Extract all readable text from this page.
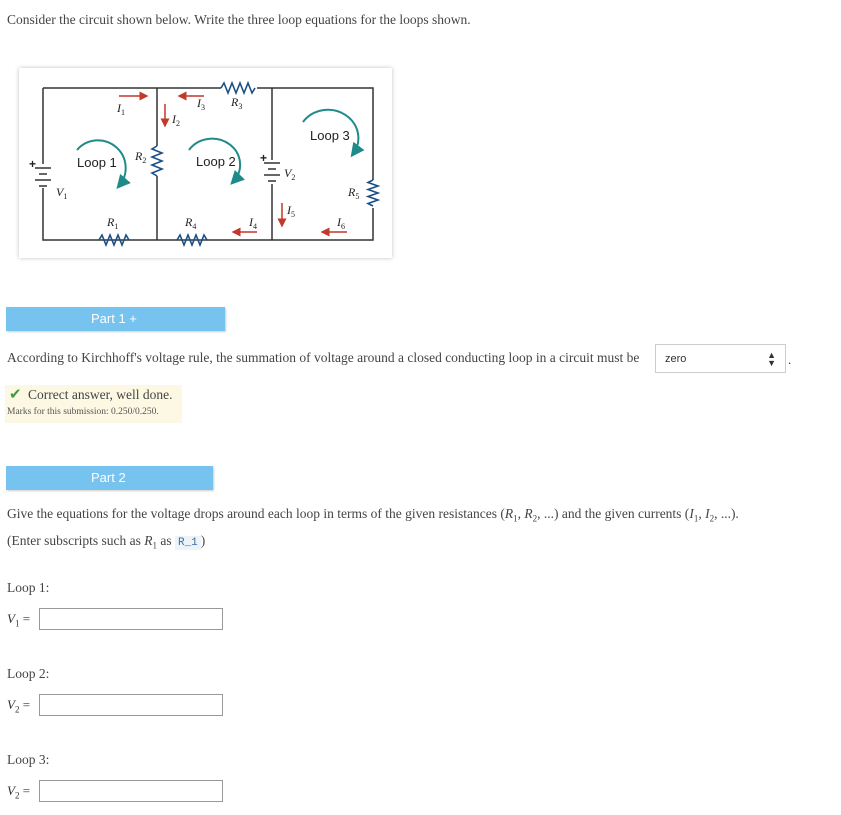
Consider the circuit shown below. Write the three loop equations for the loops shown.
Loop 1	Loop 2
Loop 3
$I_1$
$I_3$ $R_3$
$I_2$
$R_2$
$V_1$
$V_2$
$R_5$
$R_1$	$R_4$	$I_4$
$I_5$
$I_6$
+	+
Part 1 +
According to Kirchhoff's voltage rule, the summation of voltage around a closed conducting loop in a circuit must be zero	▲
▼ .
✔ Correct answer, well done.
Marks for this submission: 0.250/0.250.
Part 2
Give the equations for the voltage drops around each loop in terms of the given resistances ($R_1$, $R_2$, ...) and the given currents ($I_1$, $I_2$, ...).
(Enter subscripts such as $R_1$ as R_1 )
Loop 1:
$V_1$ =
Loop 2:
$V_2$ =
Loop 3:
$V_2$ =
